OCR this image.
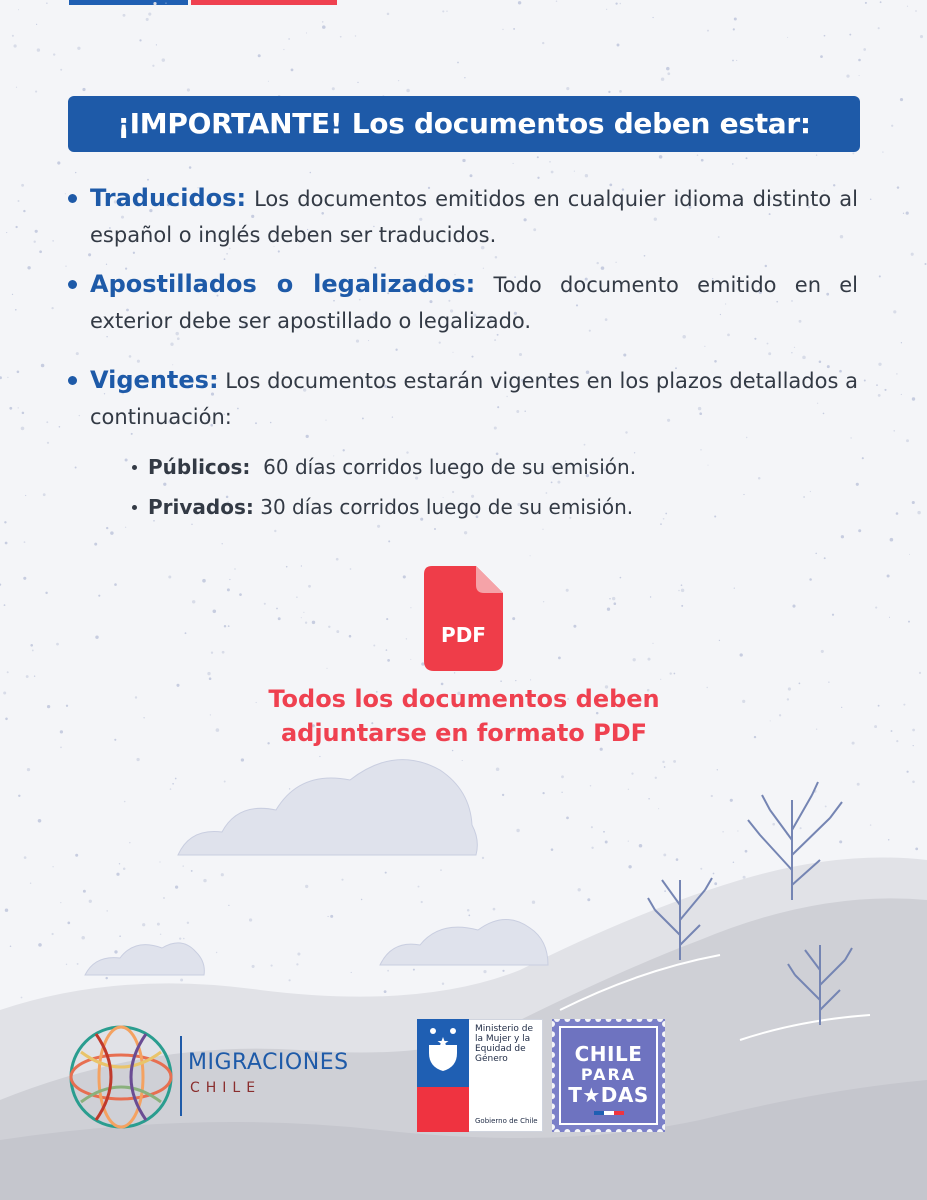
¡IMPORTANTE! Los documentos deben estar:
Traducidos: Los documentos emitidos en cualquier idioma distinto al español o inglés deben ser traducidos.
Apostillados o legalizados: Todo documento emitido en el exterior debe ser apostillado o legalizado.
Vigentes: Los documentos estarán vigentes en los plazos detallados a continuación:
Públicos:  60 días corridos luego de su emisión.
Privados: 30 días corridos luego de su emisión.
PDF
Todos los documentos deben
adjuntarse en formato PDF
MIGRACIONES
CHILE
Ministerio de
la Mujer y la
Equidad de
Género
Gobierno de Chile
CHILE
PARA
T★DAS
